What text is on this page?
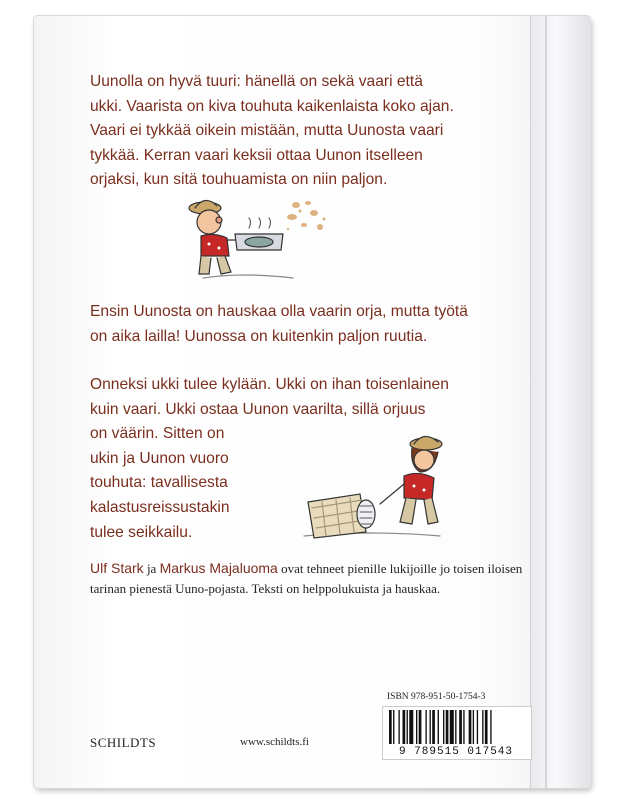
Uunolla on hyvä tuuri: hänellä on sekä vaari että
ukki. Vaarista on kiva touhuta kaikenlaista koko ajan.
Vaari ei tykkää oikein mistään, mutta Uunosta vaari
tykkää. Kerran vaari keksii ottaa Uunon itselleen
orjaksi, kun sitä touhuamista on niin paljon.

Ensin Uunosta on hauskaa olla vaarin orja, mutta työtä
on aika lailla! Uunossa on kuitenkin paljon ruutia.

Onneksi ukki tulee kylään. Ukki on ihan toisenlainen
kuin vaari. Ukki ostaa Uunon vaarilta, sillä orjuus
on väärin. Sitten on
ukin ja Uunon vuoro
touhuta: tavallisesta
kalastusreissustakin
tulee seikkailu.

Ulf Stark ja Markus Majaluoma ovat tehneet pienille lukijoille jo toisen iloisen tarinan pienestä Uuno-pojasta. Teksti on helppolukuista ja hauskaa.
SCHILDTS	www.schildts.fi
ISBN 978-951-50-1754-3
9 789515 017543
